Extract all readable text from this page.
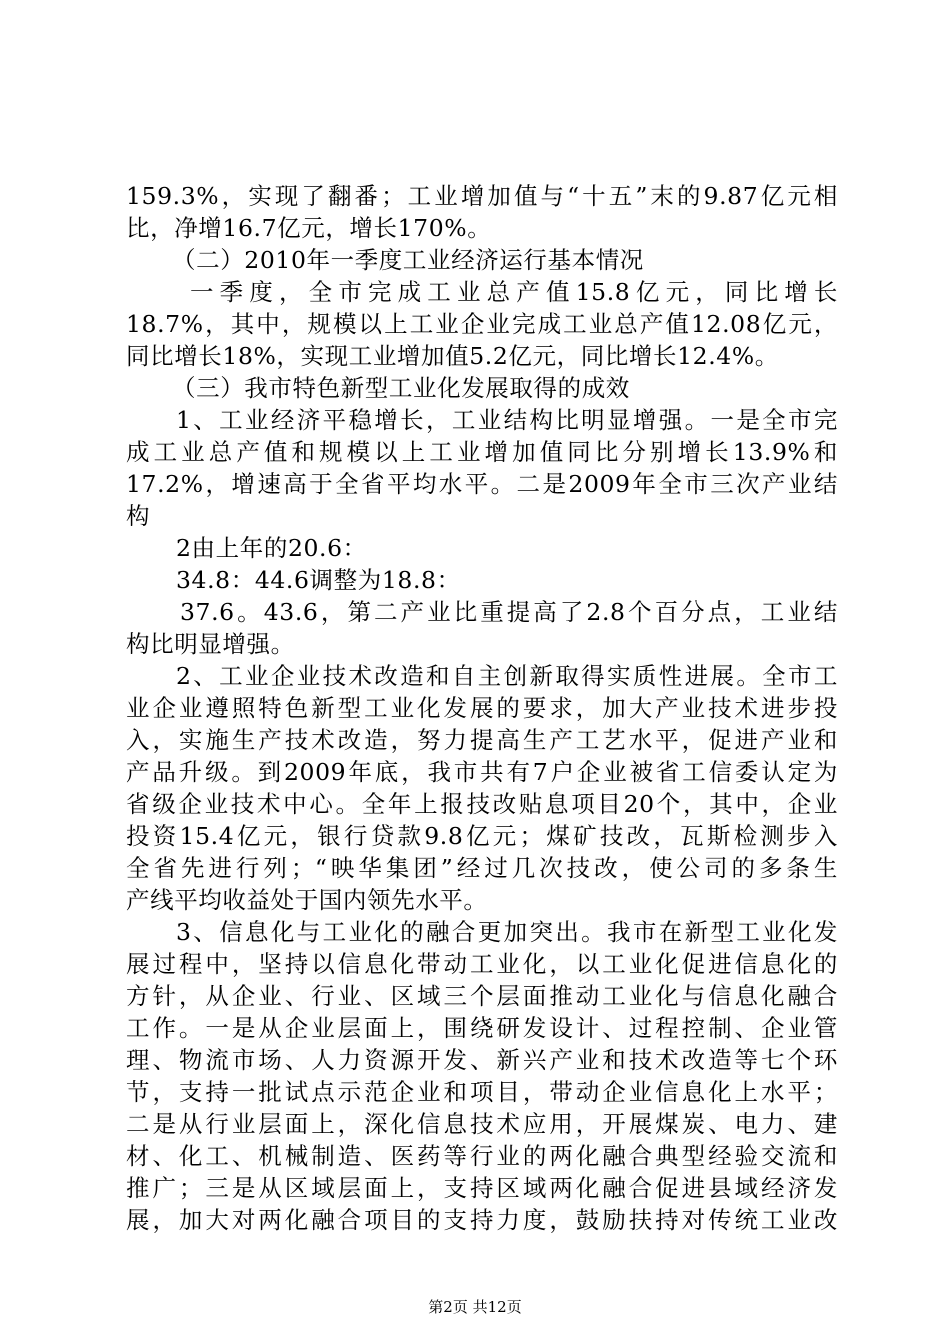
159.3%，实现了翻番；工业增加值与“十五”末的9.87亿元相
比，净增16.7亿元，增长170%。
（二）2010年一季度工业经济运行基本情况
一季度，全市完成工业总产值15.8亿元，同比增长
18.7%，其中，规模以上工业企业完成工业总产值12.08亿元，
同比增长18%，实现工业增加值5.2亿元，同比增长12.4%。
（三）我市特色新型工业化发展取得的成效
1、工业经济平稳增长，工业结构比明显增强。一是全市完
成工业总产值和规模以上工业增加值同比分别增长13.9%和
17.2%，增速高于全省平均水平。二是2009年全市三次产业结
构
2由上年的20.6：
34.8：44.6调整为18.8：
37.6。43.6，第二产业比重提高了2.8个百分点，工业结
构比明显增强。
2、工业企业技术改造和自主创新取得实质性进展。全市工
业企业遵照特色新型工业化发展的要求，加大产业技术进步投
入，实施生产技术改造，努力提高生产工艺水平，促进产业和
产品升级。到2009年底，我市共有7户企业被省工信委认定为
省级企业技术中心。全年上报技改贴息项目20个，其中，企业
投资15.4亿元，银行贷款9.8亿元；煤矿技改，瓦斯检测步入
全省先进行列；“映华集团”经过几次技改，使公司的多条生
产线平均收益处于国内领先水平。
3、信息化与工业化的融合更加突出。我市在新型工业化发
展过程中，坚持以信息化带动工业化，以工业化促进信息化的
方针，从企业、行业、区域三个层面推动工业化与信息化融合
工作。一是从企业层面上，围绕研发设计、过程控制、企业管
理、物流市场、人力资源开发、新兴产业和技术改造等七个环
节，支持一批试点示范企业和项目，带动企业信息化上水平；
二是从行业层面上，深化信息技术应用，开展煤炭、电力、建
材、化工、机械制造、医药等行业的两化融合典型经验交流和
推广；三是从区域层面上，支持区域两化融合促进县域经济发
展，加大对两化融合项目的支持力度，鼓励扶持对传统工业改
第2页 共12页
